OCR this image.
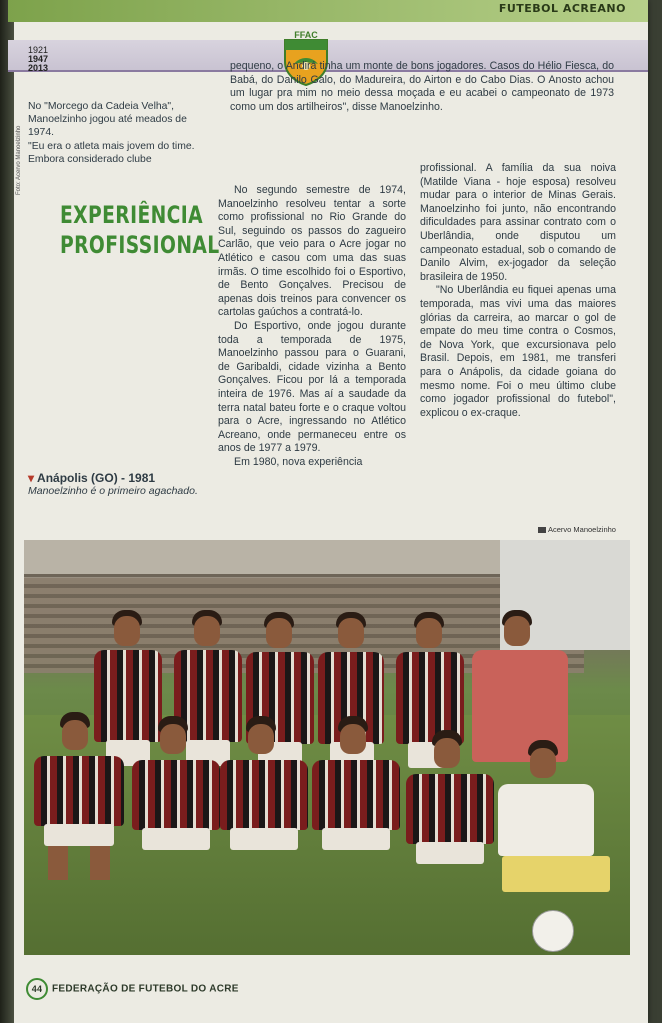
FUTEBOL ACREANO
1921
1947
2013
FFAC

No "Morcego da Cadeia Velha", Manoelzinho jogou até meados de 1974.

"Eu era o atleta mais jovem do time. Embora considerado clube

pequeno, o Andirá tinha um monte de bons jogadores. Casos do Hélio Fiesca, do Babá, do Danilo Galo, do Madureira, do Airton e do Cabo Dias. O Anosto achou um lugar pra mim no meio dessa moçada e eu acabei o campeonato de 1973 como um dos artilheiros", disse Manoelzinho.

Foto: Acervo Manoelzinho
EXPERIÊNCIA
PROFISSIONAL

No segundo semestre de 1974, Manoelzinho resolveu tentar a sorte como profissional no Rio Grande do Sul, seguindo os passos do zagueiro Carlão, que veio para o Acre jogar no Atlético e casou com uma das suas irmãs. O time escolhido foi o Esportivo, de Bento Gonçalves. Precisou de apenas dois treinos para convencer os cartolas gaúchos a contratá-lo.

Do Esportivo, onde jogou durante toda a temporada de 1975, Manoelzinho passou para o Guarani, de Garibaldi, cidade vizinha a Bento Gonçalves. Ficou por lá a temporada inteira de 1976. Mas aí a saudade da terra natal bateu forte e o craque voltou para o Acre, ingressando no Atlético Acreano, onde permaneceu entre os anos de 1977 a 1979.

Em 1980, nova experiência

profissional. A família da sua noiva (Matilde Viana - hoje esposa) resolveu mudar para o interior de Minas Gerais. Manoelzinho foi junto, não encontrando dificuldades para assinar contrato com o Uberlândia, onde disputou um campeonato estadual, sob o comando de Danilo Alvim, ex-jogador da seleção brasileira de 1950.

"No Uberlândia eu fiquei apenas uma temporada, mas vivi uma das maiores glórias da carreira, ao marcar o gol de empate do meu time contra o Cosmos, de Nova York, que excursionava pelo Brasil. Depois, em 1981, me transferi para o Anápolis, da cidade goiana do mesmo nome. Foi o meu último clube como jogador profissional do futebol", explicou o ex-craque.

▾ Anápolis (GO) - 1981
Manoelzinho é o primeiro agachado.
Acervo Manoelzinho
44 FEDERAÇÃO DE FUTEBOL DO ACRE
